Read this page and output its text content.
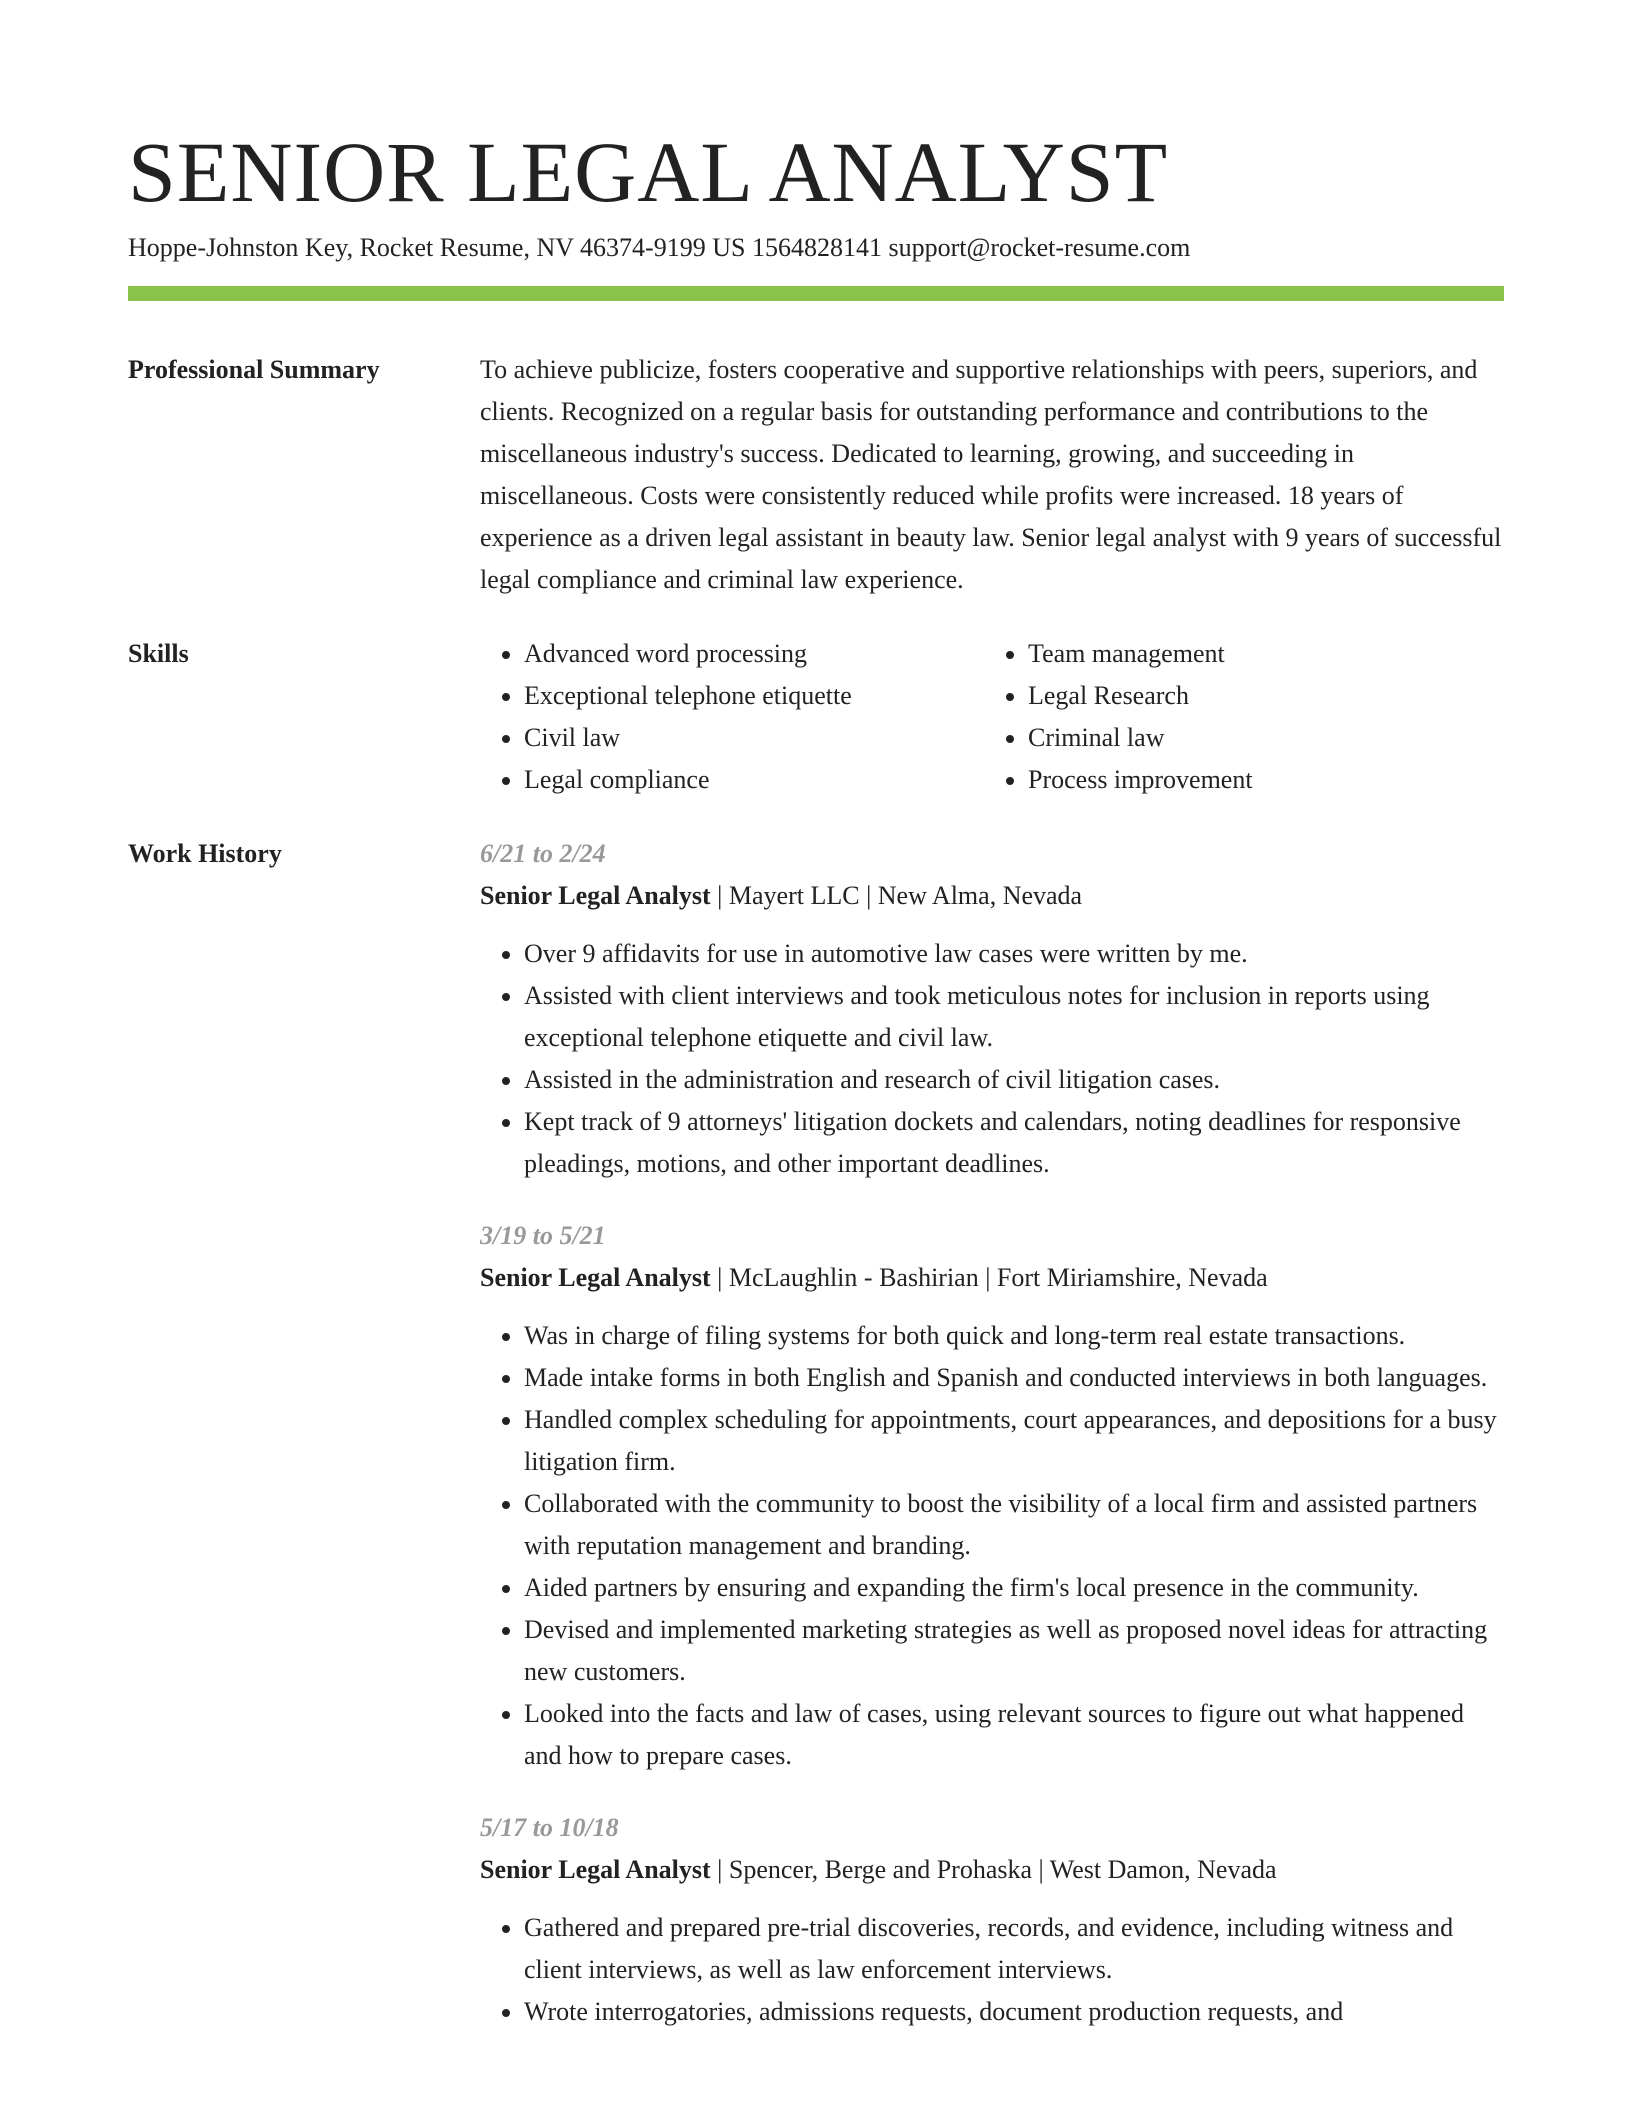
SENIOR LEGAL ANALYST
Hoppe-Johnston Key, Rocket Resume, NV 46374-9199 US 1564828141 support@rocket-resume.com
Professional Summary	To achieve publicize, fosters cooperative and supportive relationships with peers, superiors, and clients. Recognized on a regular basis for outstanding performance and contributions to the miscellaneous industry's success. Dedicated to learning, growing, and succeeding in miscellaneous. Costs were consistently reduced while profits were increased. 18 years of experience as a driven legal assistant in beauty law. Senior legal analyst with 9 years of successful legal compliance and criminal law experience.

Skills
•	Advanced word processing
• Exceptional telephone etiquette
• Civil law
• Legal compliance
• Team management
• Legal Research
• Criminal law
• Process improvement
Work History	6/21 to 2/24
Senior Legal Analyst | Mayert LLC | New Alma, Nevada
• Over 9 affidavits for use in automotive law cases were written by me.
• Assisted with client interviews and took meticulous notes for inclusion in reports using exceptional telephone etiquette and civil law.
• Assisted in the administration and research of civil litigation cases.
• Kept track of 9 attorneys' litigation dockets and calendars, noting deadlines for responsive pleadings, motions, and other important deadlines.
3/19 to 5/21
Senior Legal Analyst | McLaughlin - Bashirian | Fort Miriamshire, Nevada
• Was in charge of filing systems for both quick and long-term real estate transactions.
• Made intake forms in both English and Spanish and conducted interviews in both languages.
• Handled complex scheduling for appointments, court appearances, and depositions for a busy litigation firm.
• Collaborated with the community to boost the visibility of a local firm and assisted partners with reputation management and branding.
• Aided partners by ensuring and expanding the firm's local presence in the community.
• Devised and implemented marketing strategies as well as proposed novel ideas for attracting new customers.
• Looked into the facts and law of cases, using relevant sources to figure out what happened and how to prepare cases.
5/17 to 10/18
Senior Legal Analyst | Spencer, Berge and Prohaska | West Damon, Nevada
• Gathered and prepared pre-trial discoveries, records, and evidence, including witness and client interviews, as well as law enforcement interviews.
• Wrote interrogatories, admissions requests, document production requests, and
